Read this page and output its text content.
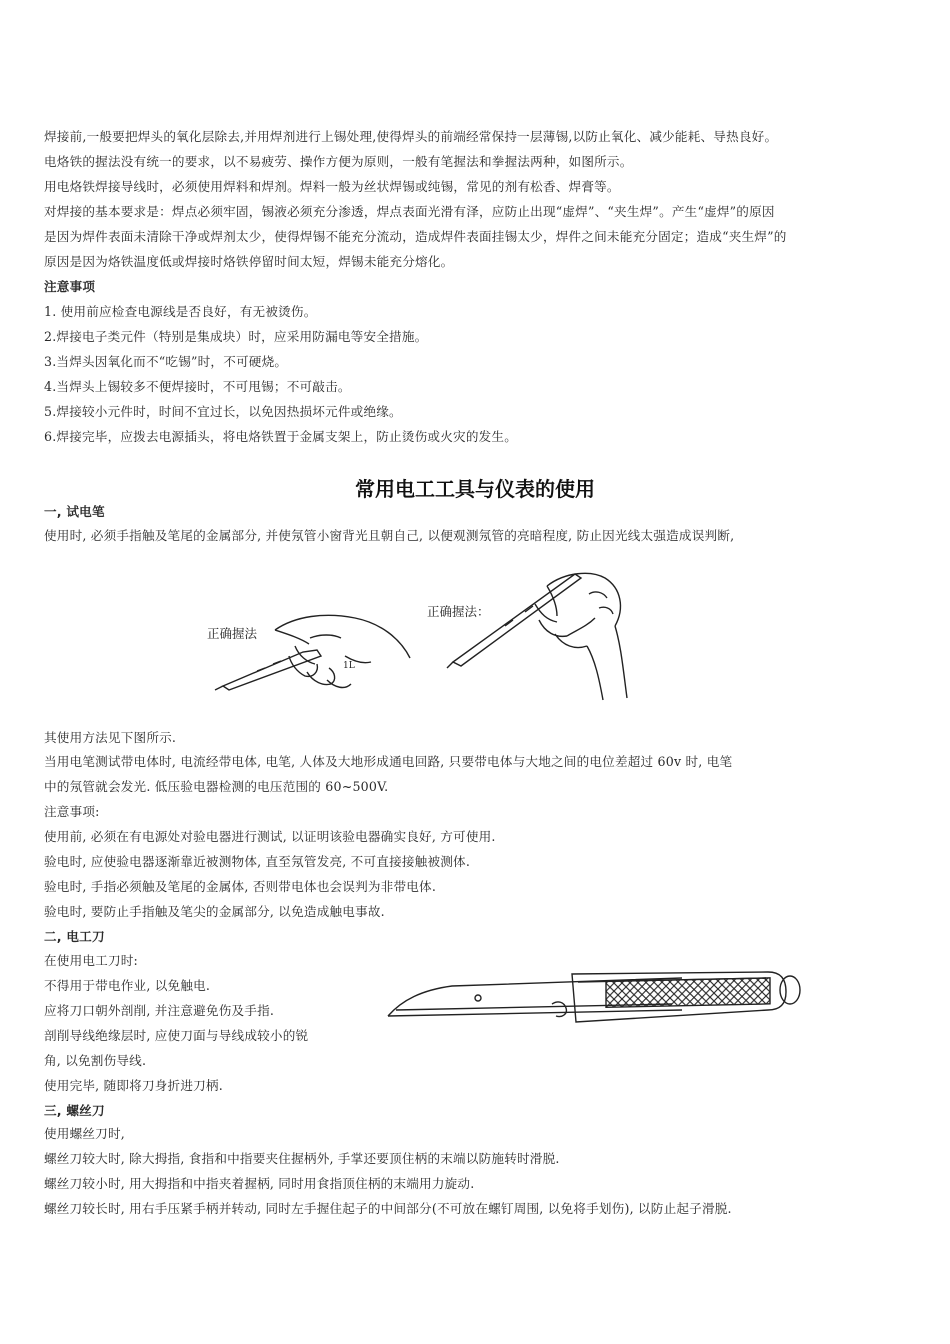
焊接前,一般要把焊头的氧化层除去,并用焊剂进行上锡处理,使得焊头的前端经常保持一层薄锡,以防止氧化、减少能耗、导热良好。
电烙铁的握法没有统一的要求，以不易疲劳、操作方便为原则，一般有笔握法和拳握法两种，如图所示。
用电烙铁焊接导线时，必须使用焊料和焊剂。焊料一般为丝状焊锡或纯锡，常见的剂有松香、焊膏等。
对焊接的基本要求是：焊点必须牢固，锡液必须充分渗透，焊点表面光滑有泽，应防止出现“虚焊”、“夹生焊”。产生“虚焊”的原因
是因为焊件表面未清除干净或焊剂太少，使得焊锡不能充分流动，造成焊件表面挂锡太少，焊件之间未能充分固定；造成“夹生焊”的
原因是因为烙铁温度低或焊接时烙铁停留时间太短，焊锡未能充分熔化。
注意事项
1. 使用前应检查电源线是否良好，有无被烫伤。
2.焊接电子类元件（特别是集成块）时，应采用防漏电等安全措施。
3.当焊头因氧化而不“吃锡”时，不可硬烧。
4.当焊头上锡较多不便焊接时，不可甩锡；不可敲击。
5.焊接较小元件时，时间不宜过长，以免因热损坏元件或绝缘。
6.焊接完毕，应拨去电源插头，将电烙铁置于金属支架上，防止烫伤或火灾的发生。
常用电工工具与仪表的使用
一, 试电笔
使用时, 必须手指触及笔尾的金属部分, 并使氖管小窗背光且朝自己, 以便观测氖管的亮暗程度, 防止因光线太强造成误判断,
正确握法
1L
正确握法：
其使用方法见下图所示.
当用电笔测试带电体时, 电流经带电体, 电笔, 人体及大地形成通电回路, 只要带电体与大地之间的电位差超过 60v 时, 电笔
中的氖管就会发光. 低压验电器检测的电压范围的 60~500V.
注意事项:
使用前, 必须在有电源处对验电器进行测试, 以证明该验电器确实良好, 方可使用.
验电时, 应使验电器逐渐靠近被测物体, 直至氖管发亮, 不可直接接触被测体.
验电时, 手指必须触及笔尾的金属体, 否则带电体也会误判为非带电体.
验电时, 要防止手指触及笔尖的金属部分, 以免造成触电事故.
二, 电工刀
在使用电工刀时:
不得用于带电作业, 以免触电.
应将刀口朝外剖削, 并注意避免伤及手指.
剖削导线绝缘层时, 应使刀面与导线成较小的锐
角, 以免割伤导线.
使用完毕, 随即将刀身折进刀柄.
三, 螺丝刀
使用螺丝刀时,
螺丝刀较大时, 除大拇指, 食指和中指要夹住握柄外, 手掌还要顶住柄的末端以防施转时滑脱.
螺丝刀较小时, 用大拇指和中指夹着握柄, 同时用食指顶住柄的末端用力旋动.
螺丝刀较长时, 用右手压紧手柄并转动, 同时左手握住起子的中间部分(不可放在螺钉周围, 以免将手划伤), 以防止起子滑脱.
